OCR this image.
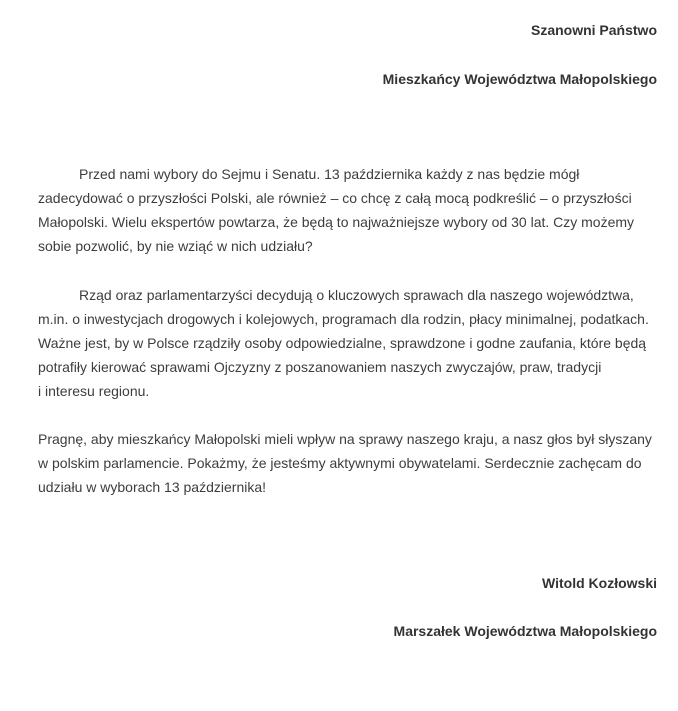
Szanowni Państwo
Mieszkańcy Województwa Małopolskiego

Przed nami wybory do Sejmu i Senatu. 13 października każdy z nas będzie mógł
zadecydować o przyszłości Polski, ale również – co chcę z całą mocą podkreślić – o przyszłości
Małopolski. Wielu ekspertów powtarza, że będą to najważniejsze wybory od 30 lat. Czy możemy
sobie pozwolić, by nie wziąć w nich udziału?

Rząd oraz parlamentarzyści decydują o kluczowych sprawach dla naszego województwa,
m.in. o inwestycjach drogowych i kolejowych, programach dla rodzin, płacy minimalnej, podatkach.
Ważne jest, by w Polsce rządziły osoby odpowiedzialne, sprawdzone i godne zaufania, które będą
potrafiły kierować sprawami Ojczyzny z poszanowaniem naszych zwyczajów, praw, tradycji
i interesu regionu.

Pragnę, aby mieszkańcy Małopolski mieli wpływ na sprawy naszego kraju, a nasz głos był słyszany
w polskim parlamencie. Pokażmy, że jesteśmy aktywnymi obywatelami. Serdecznie zachęcam do
udziału w wyborach 13 października!

Witold Kozłowski
Marszałek Województwa Małopolskiego
